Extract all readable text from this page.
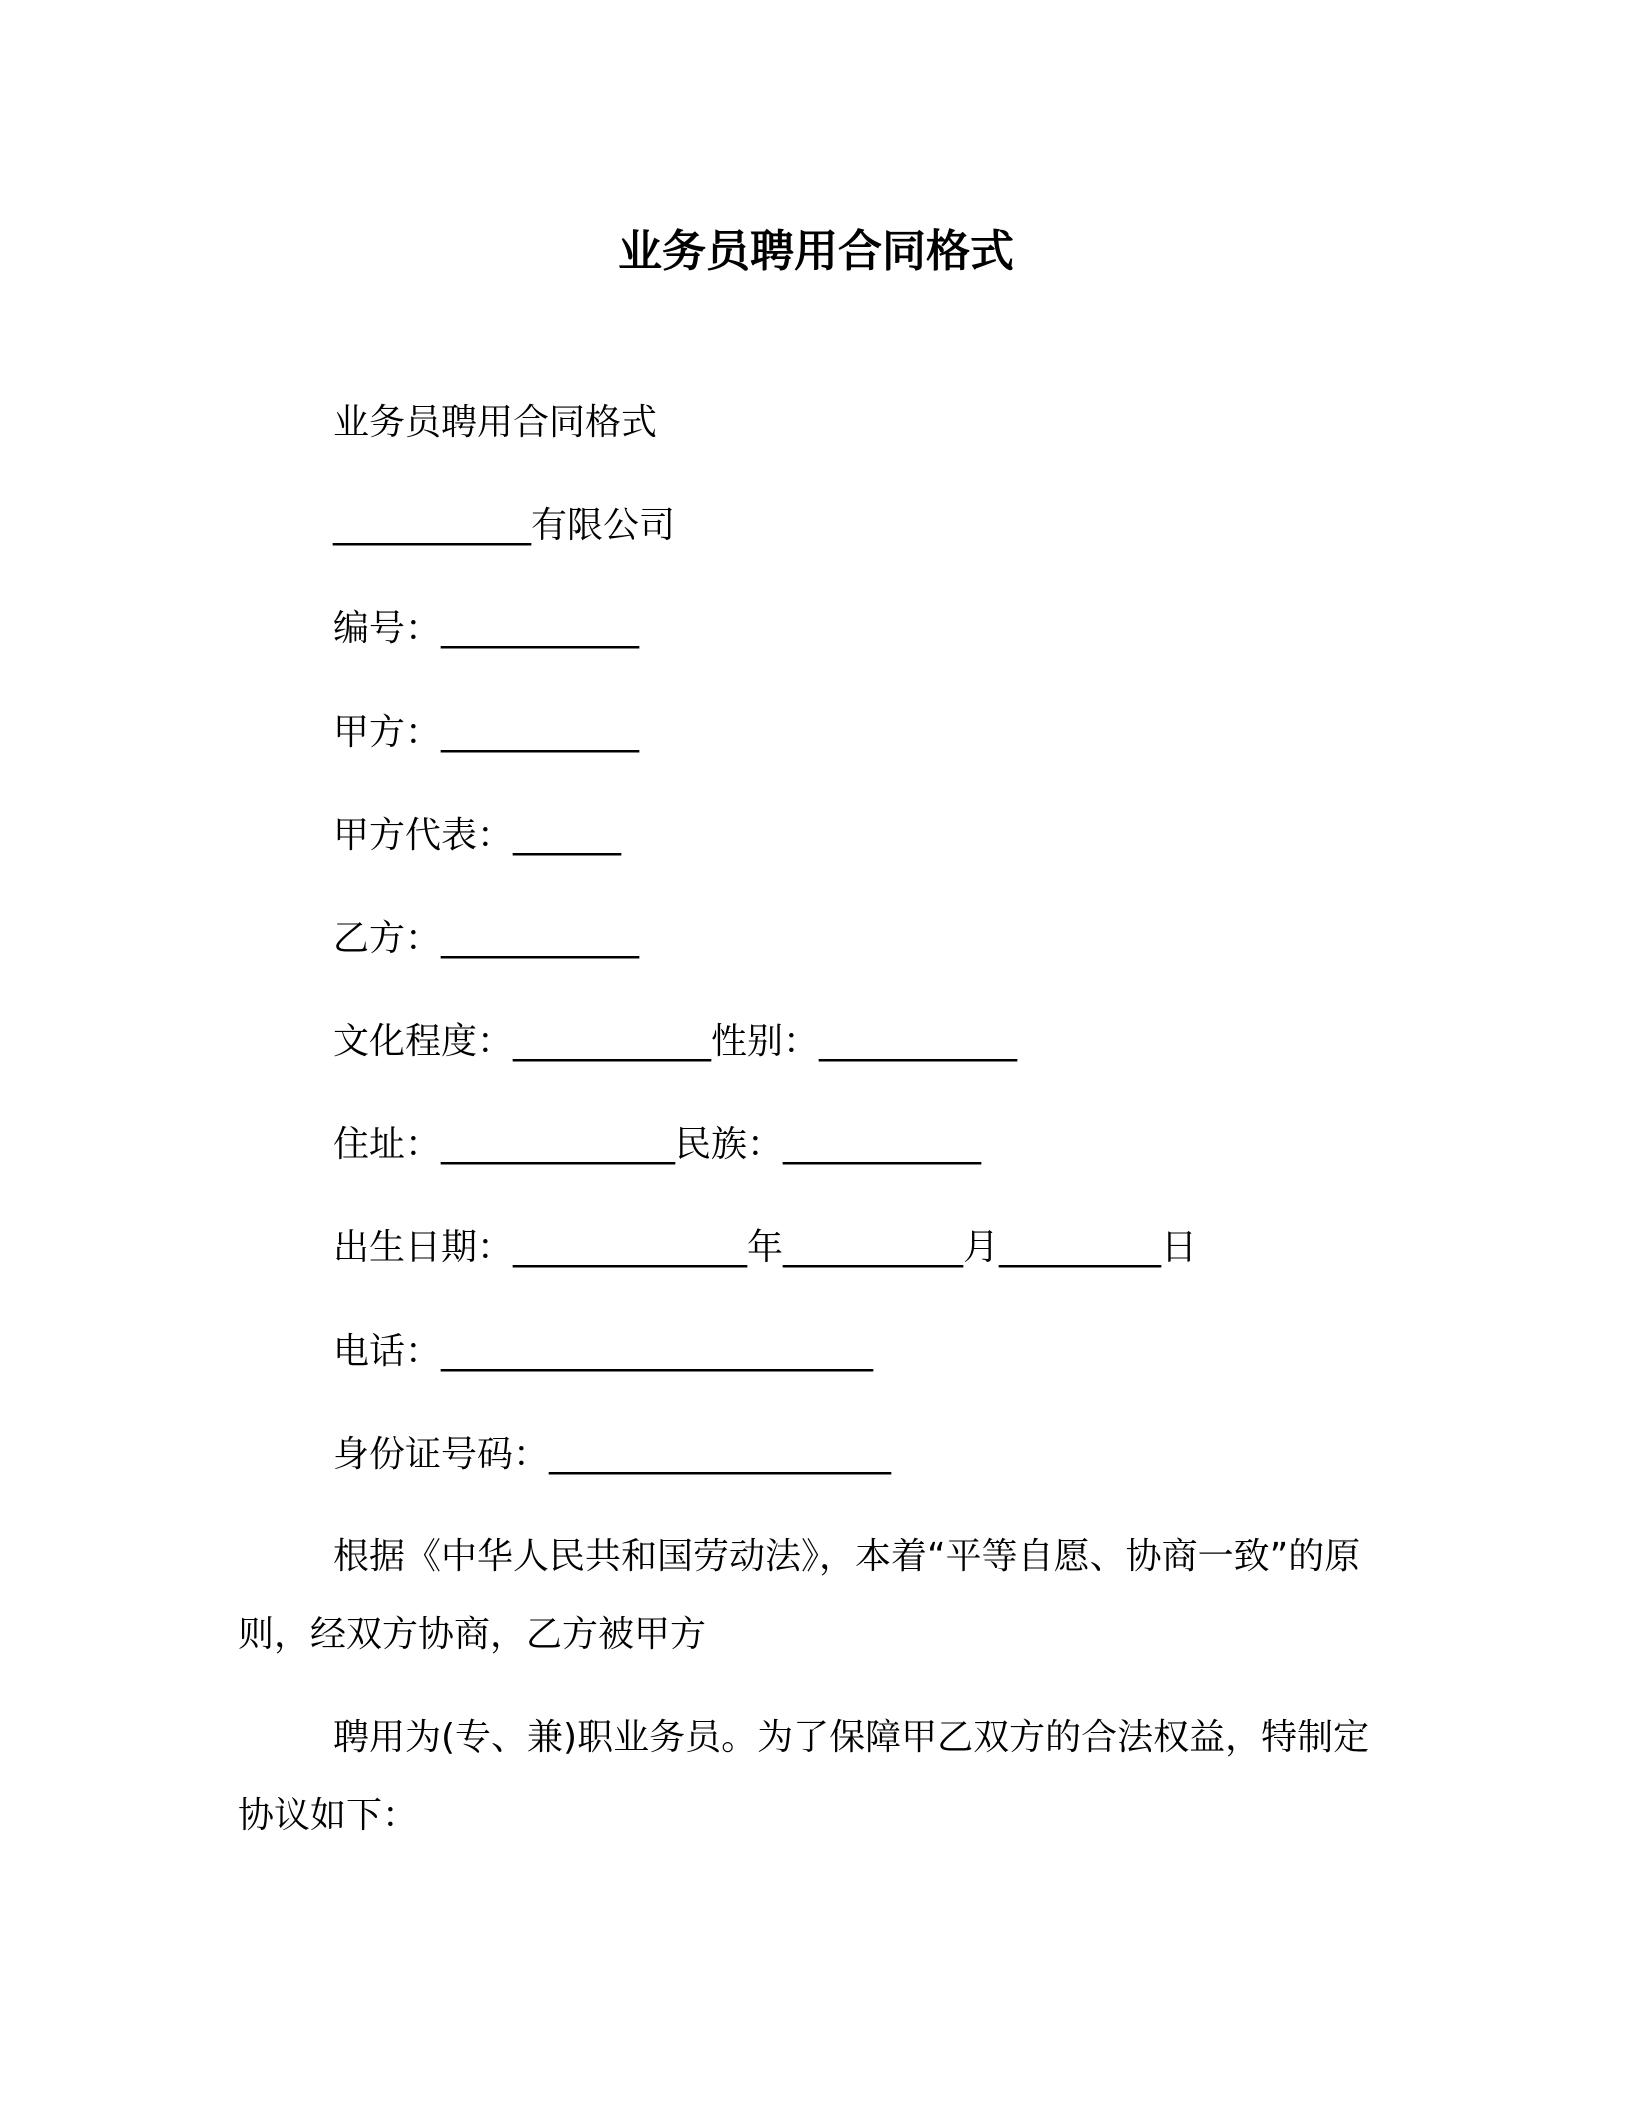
业务员聘用合同格式
业务员聘用合同格式
___________有限公司
编号：___________
甲方：___________
甲方代表：______
乙方：___________
文化程度：___________性别：___________
住址：_____________民族：___________
出生日期：_____________年__________月_________日
电话：________________________
身份证号码：___________________
根据《中华人民共和国劳动法》，本着“平等自愿、协商一致”的原则，经双方协商，乙方被甲方
聘用为(专、兼)职业务员。为了保障甲乙双方的合法权益，特制定协议如下：
